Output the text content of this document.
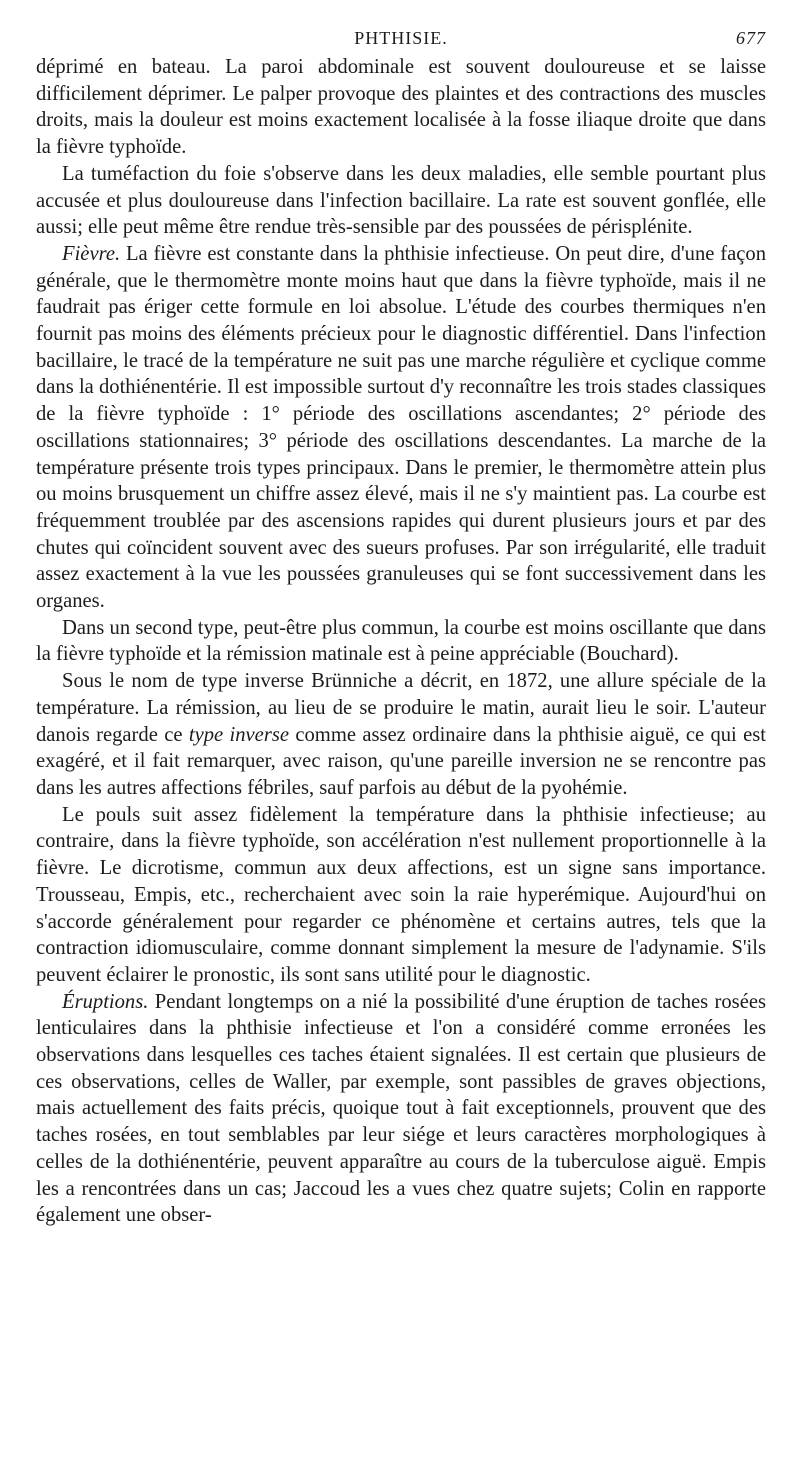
PHTHISIE.	677

déprimé en bateau. La paroi abdominale est souvent douloureuse et se laisse difficilement déprimer. Le palper provoque des plaintes et des contractions des muscles droits, mais la douleur est moins exactement localisée à la fosse iliaque droite que dans la fièvre typhoïde.

La tuméfaction du foie s'observe dans les deux maladies, elle semble pourtant plus accusée et plus douloureuse dans l'infection bacillaire. La rate est souvent gonflée, elle aussi; elle peut même être rendue très-sensible par des poussées de périsplénite.

Fièvre. La fièvre est constante dans la phthisie infectieuse. On peut dire, d'une façon générale, que le thermomètre monte moins haut que dans la fièvre typhoïde, mais il ne faudrait pas ériger cette formule en loi absolue. L'étude des courbes thermiques n'en fournit pas moins des éléments précieux pour le diagnostic différentiel. Dans l'infection bacillaire, le tracé de la température ne suit pas une marche régulière et cyclique comme dans la dothiénentérie. Il est impossible surtout d'y reconnaître les trois stades classiques de la fièvre typhoïde : 1° période des oscillations ascendantes; 2° période des oscillations stationnaires; 3° période des oscillations descendantes. La marche de la température présente trois types principaux. Dans le premier, le thermomètre attein plus ou moins brusquement un chiffre assez élevé, mais il ne s'y maintient pas. La courbe est fréquemment troublée par des ascensions rapides qui durent plusieurs jours et par des chutes qui coïncident souvent avec des sueurs profuses. Par son irrégularité, elle traduit assez exactement à la vue les poussées granuleuses qui se font successivement dans les organes.

Dans un second type, peut-être plus commun, la courbe est moins oscillante que dans la fièvre typhoïde et la rémission matinale est à peine appréciable (Bouchard).

Sous le nom de type inverse Brünniche a décrit, en 1872, une allure spéciale de la température. La rémission, au lieu de se produire le matin, aurait lieu le soir. L'auteur danois regarde ce type inverse comme assez ordinaire dans la phthisie aiguë, ce qui est exagéré, et il fait remarquer, avec raison, qu'une pareille inversion ne se rencontre pas dans les autres affections fébriles, sauf parfois au début de la pyohémie.

Le pouls suit assez fidèlement la température dans la phthisie infectieuse; au contraire, dans la fièvre typhoïde, son accélération n'est nullement proportionnelle à la fièvre. Le dicrotisme, commun aux deux affections, est un signe sans importance. Trousseau, Empis, etc., recherchaient avec soin la raie hyperémique. Aujourd'hui on s'accorde généralement pour regarder ce phénomène et certains autres, tels que la contraction idiomusculaire, comme donnant simplement la mesure de l'adynamie. S'ils peuvent éclairer le pronostic, ils sont sans utilité pour le diagnostic.

Éruptions. Pendant longtemps on a nié la possibilité d'une éruption de taches rosées lenticulaires dans la phthisie infectieuse et l'on a considéré comme erronées les observations dans lesquelles ces taches étaient signalées. Il est certain que plusieurs de ces observations, celles de Waller, par exemple, sont passibles de graves objections, mais actuellement des faits précis, quoique tout à fait exceptionnels, prouvent que des taches rosées, en tout semblables par leur siége et leurs caractères morphologiques à celles de la dothiénentérie, peuvent apparaître au cours de la tuberculose aiguë. Empis les a rencontrées dans un cas; Jaccoud les a vues chez quatre sujets; Colin en rapporte également une obser-
